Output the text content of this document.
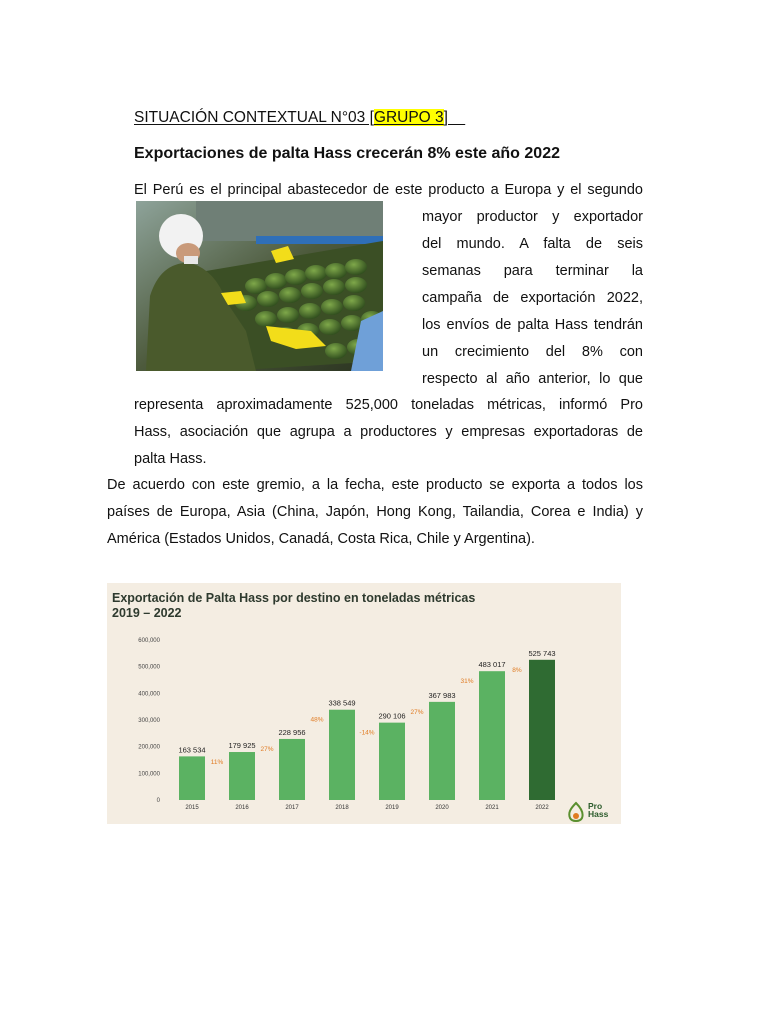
SITUACIÓN CONTEXTUAL N°03 [GRUPO 3]
Exportaciones de palta Hass crecerán 8% este año 2022
El Perú es el principal abastecedor de este producto a Europa y el segundo
mayor productor y exportador
del mundo. A falta de seis
semanas para terminar la
campaña de exportación 2022,
los envíos de palta Hass tendrán
un crecimiento del 8% con
respecto al año anterior, lo que
representa aproximadamente 525,000 toneladas métricas, informó Pro
Hass, asociación que agrupa a productores y empresas exportadoras de
palta Hass.
De acuerdo con este gremio, a la fecha, este producto se exporta a todos los
países de Europa, Asia (China, Japón, Hong Kong, Tailandia, Corea e India) y
América (Estados Unidos, Canadá, Costa Rica, Chile y Argentina).
Exportación de Palta Hass por destino en toneladas métricas
2019 – 2022
0
100,000
200,000
300,000
400,000
500,000
600,000
163 534
2015
179 925
2016
228 956
2017
338 549
2018
290 106
2019
367 983
2020
483 017
2021
525 743
2022
11%
27%
48%
-14%
27%
31%
8%
Pro
Hass
